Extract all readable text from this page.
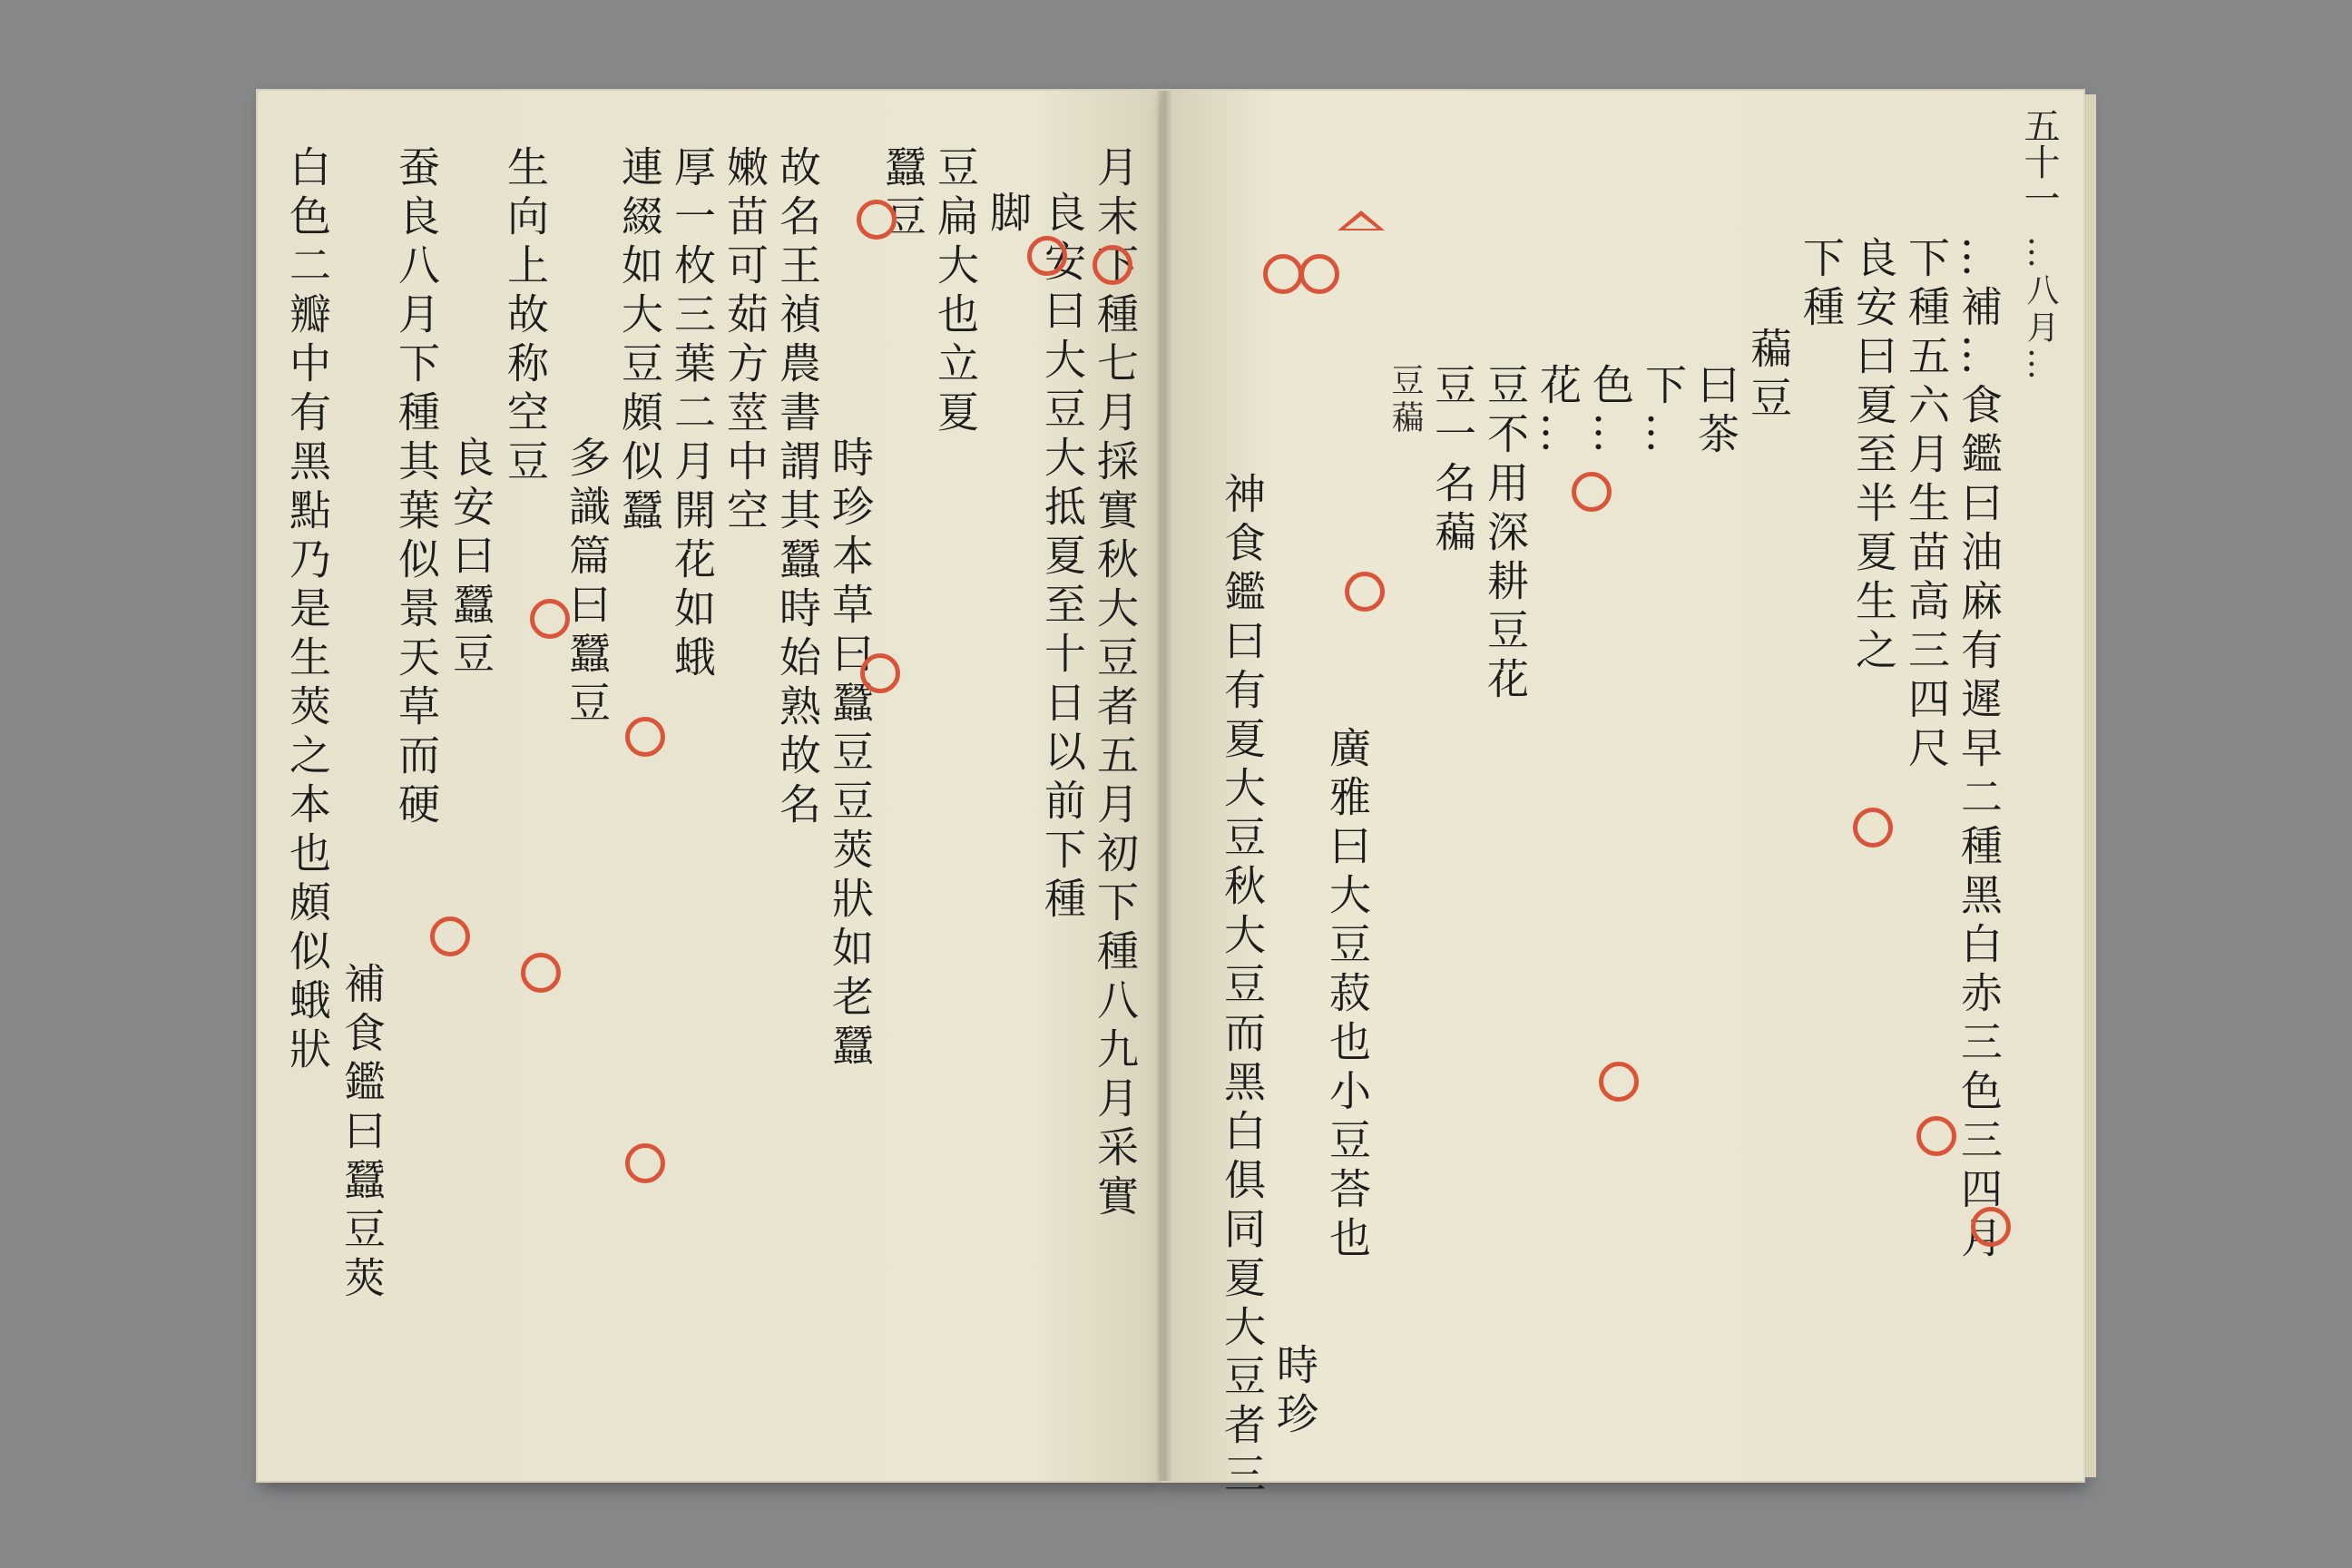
月末下種七月採實秋大豆者五月初下種八九月采實
良安曰大豆大抵夏至十日以前下種
脚
豆扁大也立夏
蠶豆
時珍本草曰蠶豆豆莢狀如老蠶
故名王禎農書謂其蠶時始熟故名
嫩苗可茹方莖中空
厚一枚三葉二月開花如蛾
連綴如大豆頗似蠶
多識篇曰蠶豆
生向上故称空豆
良安曰蠶豆
蚕良八月下種其葉似景天草而硬
補食鑑曰蠶豆莢
白色二瓣中有黑點乃是生莢之本也頗似蛾狀	五十一
…八月…
…補…食鑑曰油麻有遲早二種黑白赤三色三四月
下種五六月生苗高三四尺
良安曰夏至半夏生之
下種
藊豆
曰茶
下…
色…
花…
豆不用深耕豆花
豆一名藊
豆藊
廣雅曰大豆菽也小豆荅也
時珍
神食鑑曰有夏大豆秋大豆而黑白俱同夏大豆者三
